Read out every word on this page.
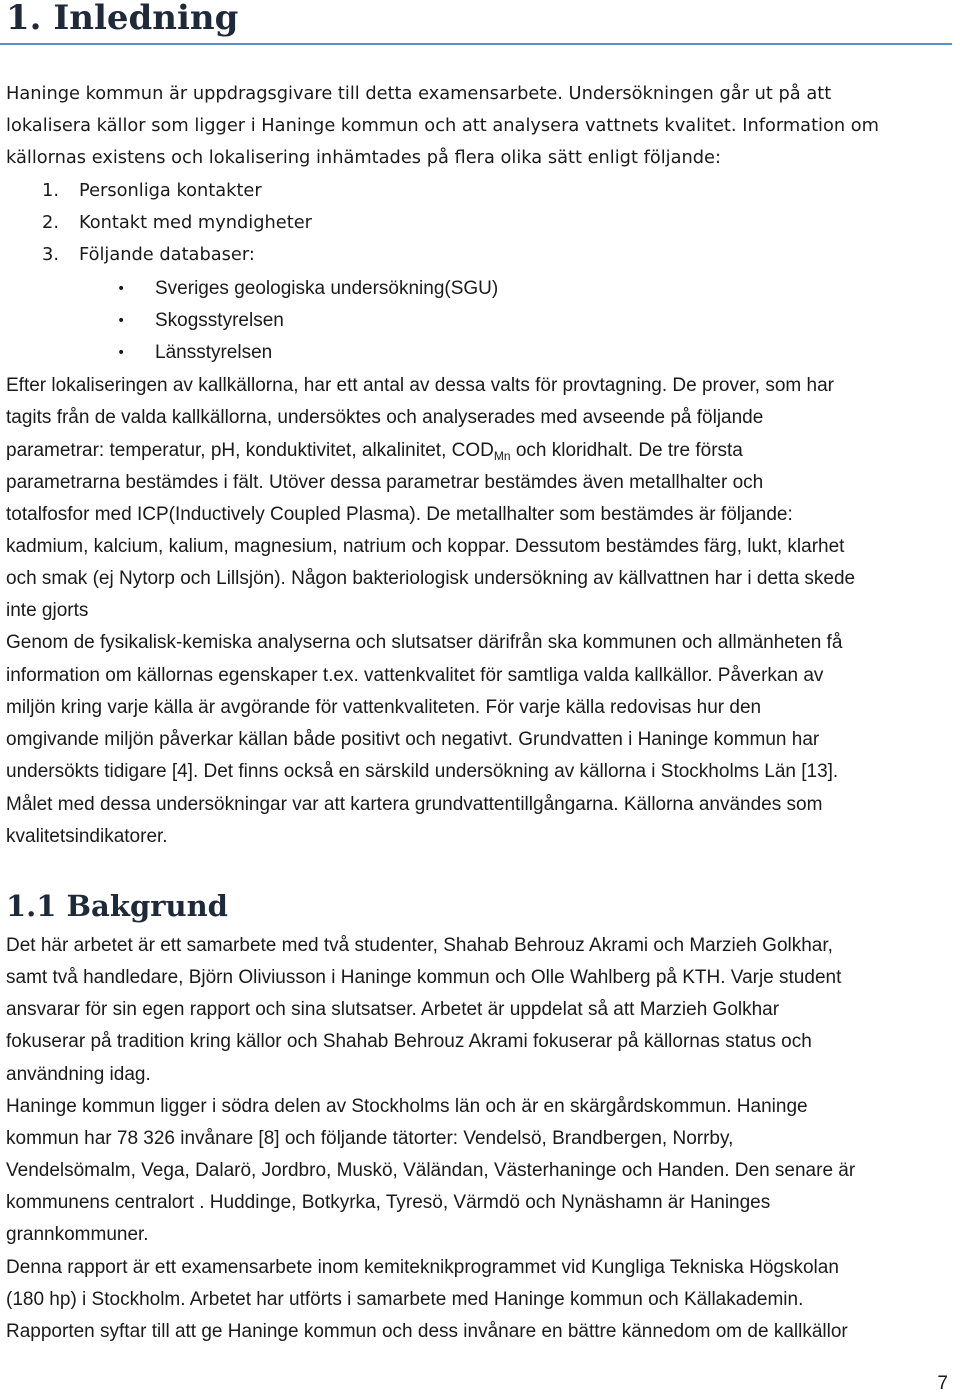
1. Inledning
Haninge kommun är uppdragsgivare till detta examensarbete. Undersökningen går ut på att
lokalisera källor som ligger i Haninge kommun och att analysera vattnets kvalitet. Information om
källornas existens och lokalisering inhämtades på flera olika sätt enligt följande:
1. Personliga kontakter
2. Kontakt med myndigheter
3. Följande databaser:
• Sveriges geologiska undersökning(SGU)
• Skogsstyrelsen
• Länsstyrelsen
Efter lokaliseringen av kallkällorna, har ett antal av dessa valts för provtagning. De prover, som har
tagits från de valda kallkällorna, undersöktes och analyserades med avseende på följande
parametrar: temperatur, pH, konduktivitet, alkalinitet, $COD_{Mn}$ och kloridhalt. De tre första
parametrarna bestämdes i fält. Utöver dessa parametrar bestämdes även metallhalter och
totalfosfor med ICP(Inductively Coupled Plasma). De metallhalter som bestämdes är följande:
kadmium, kalcium, kalium, magnesium, natrium och koppar. Dessutom bestämdes färg, lukt, klarhet
och smak (ej Nytorp och Lillsjön). Någon bakteriologisk undersökning av källvattnen har i detta skede
inte gjorts
Genom de fysikalisk-kemiska analyserna och slutsatser därifrån ska kommunen och allmänheten få
information om källornas egenskaper t.ex. vattenkvalitet för samtliga valda kallkällor. Påverkan av
miljön kring varje källa är avgörande för vattenkvaliteten. För varje källa redovisas hur den
omgivande miljön påverkar källan både positivt och negativt. Grundvatten i Haninge kommun har
undersökts tidigare [4]. Det finns också en särskild undersökning av källorna i Stockholms Län [13].
Målet med dessa undersökningar var att kartera grundvattentillgångarna. Källorna användes som
kvalitetsindikatorer.
1.1 Bakgrund
Det här arbetet är ett samarbete med två studenter, Shahab Behrouz Akrami och Marzieh Golkhar,
samt två handledare, Björn Oliviusson i Haninge kommun och Olle Wahlberg på KTH. Varje student
ansvarar för sin egen rapport och sina slutsatser. Arbetet är uppdelat så att Marzieh Golkhar
fokuserar på tradition kring källor och Shahab Behrouz Akrami fokuserar på källornas status och
användning idag.
Haninge kommun ligger i södra delen av Stockholms län och är en skärgårdskommun. Haninge
kommun har 78 326 invånare [8] och följande tätorter: Vendelsö, Brandbergen, Norrby,
Vendelsömalm, Vega, Dalarö, Jordbro, Muskö, Väländan, Västerhaninge och Handen. Den senare är
kommunens centralort . Huddinge, Botkyrka, Tyresö, Värmdö och Nynäshamn är Haninges
grannkommuner.
Denna rapport är ett examensarbete inom kemiteknikprogrammet vid Kungliga Tekniska Högskolan
(180 hp) i Stockholm. Arbetet har utförts i samarbete med Haninge kommun och Källakademin.
Rapporten syftar till att ge Haninge kommun och dess invånare en bättre kännedom om de kallkällor
7
